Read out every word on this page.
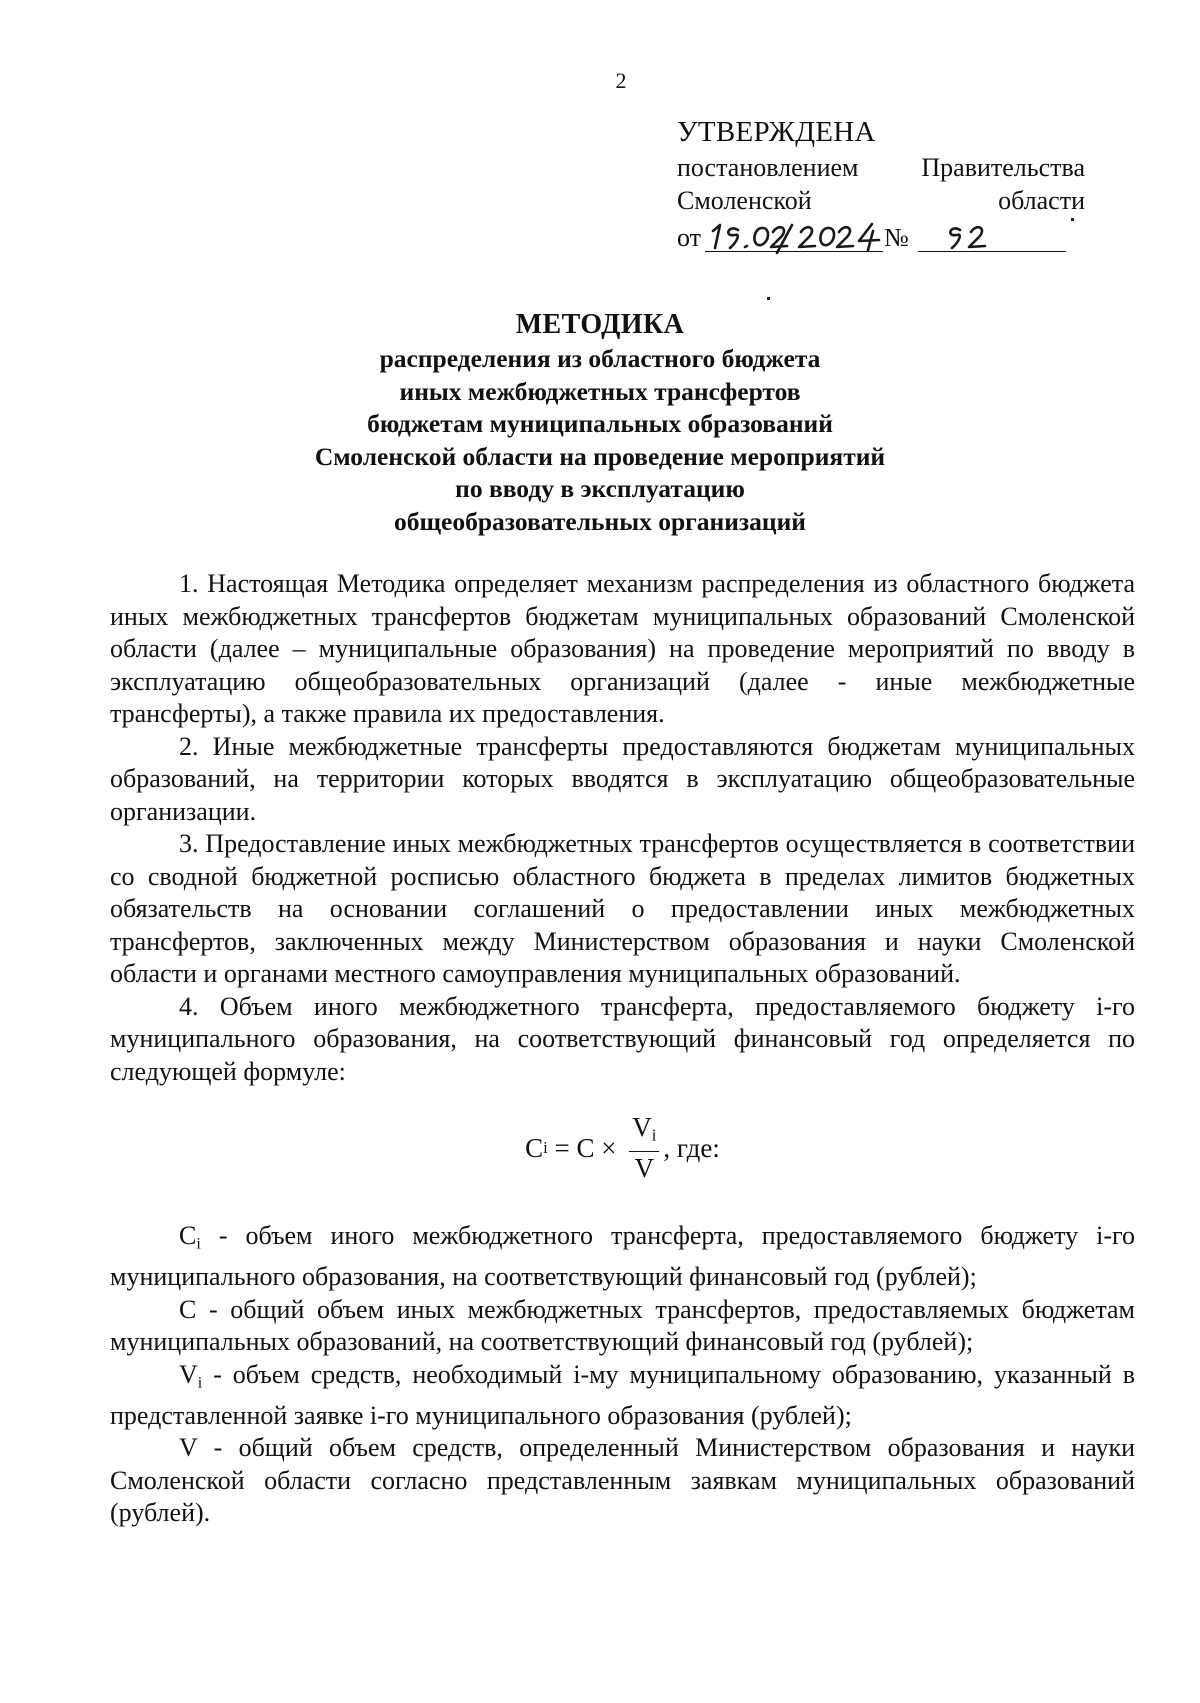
2
УТВЕРЖДЕНА
постановлением Правительства
Смоленской	области
от	№
МЕТОДИКА
распределения из областного бюджета
иных межбюджетных трансфертов
бюджетам муниципальных образований
Смоленской области на проведение мероприятий
по вводу в эксплуатацию
общеобразовательных организаций

1. Настоящая Методика определяет механизм распределения из областного бюджета иных межбюджетных трансфертов бюджетам муниципальных образований Смоленской области (далее – муниципальные образования) на проведение мероприятий по вводу в эксплуатацию общеобразовательных организаций (далее - иные межбюджетные трансферты), а также правила их предоставления.

2. Иные межбюджетные трансферты предоставляются бюджетам муниципальных образований, на территории которых вводятся в эксплуатацию общеобразовательные организации.

3. Предоставление иных межбюджетных трансфертов осуществляется в соответствии со сводной бюджетной росписью областного бюджета в пределах лимитов бюджетных обязательств на основании соглашений о предоставлении иных межбюджетных трансфертов, заключенных между Министерством образования и науки Смоленской области и органами местного самоуправления муниципальных образований.

4. Объем иного межбюджетного трансферта, предоставляемого бюджету i-го муниципального образования, на соответствующий финансовый год определяется по следующей формуле:

C $i = C \times \frac{V_i}{V}$ , где:

$C_i$ - объем иного межбюджетного трансферта, предоставляемого бюджету i-го муниципального образования, на соответствующий финансовый год (рублей);

C - общий объем иных межбюджетных трансфертов, предоставляемых бюджетам муниципальных образований, на соответствующий финансовый год (рублей);

$V_i$ - объем средств, необходимый i-му муниципальному образованию, указанный в представленной заявке i-го муниципального образования (рублей);

V - общий объем средств, определенный Министерством образования и науки Смоленской области согласно представленным заявкам муниципальных образований (рублей).
